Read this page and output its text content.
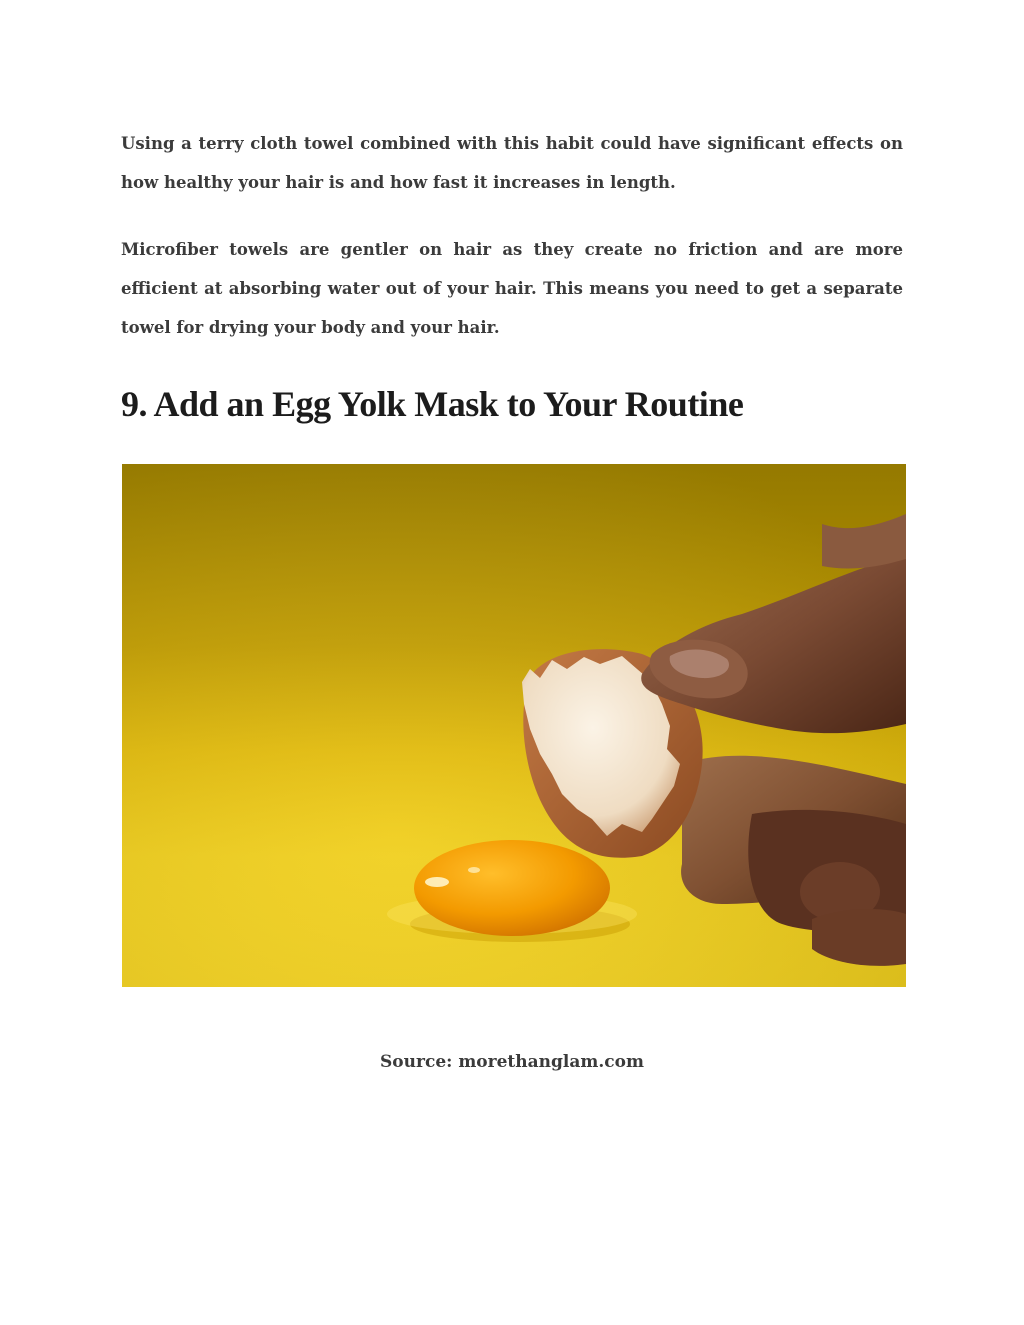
Using a terry cloth towel combined with this habit could have significant effects on how healthy your hair is and how fast it increases in length.

Microfiber towels are gentler on hair as they create no friction and are more efficient at absorbing water out of your hair. This means you need to get a separate towel for drying your body and your hair.

9. Add an Egg Yolk Mask to Your Routine
Source: morethanglam.com
